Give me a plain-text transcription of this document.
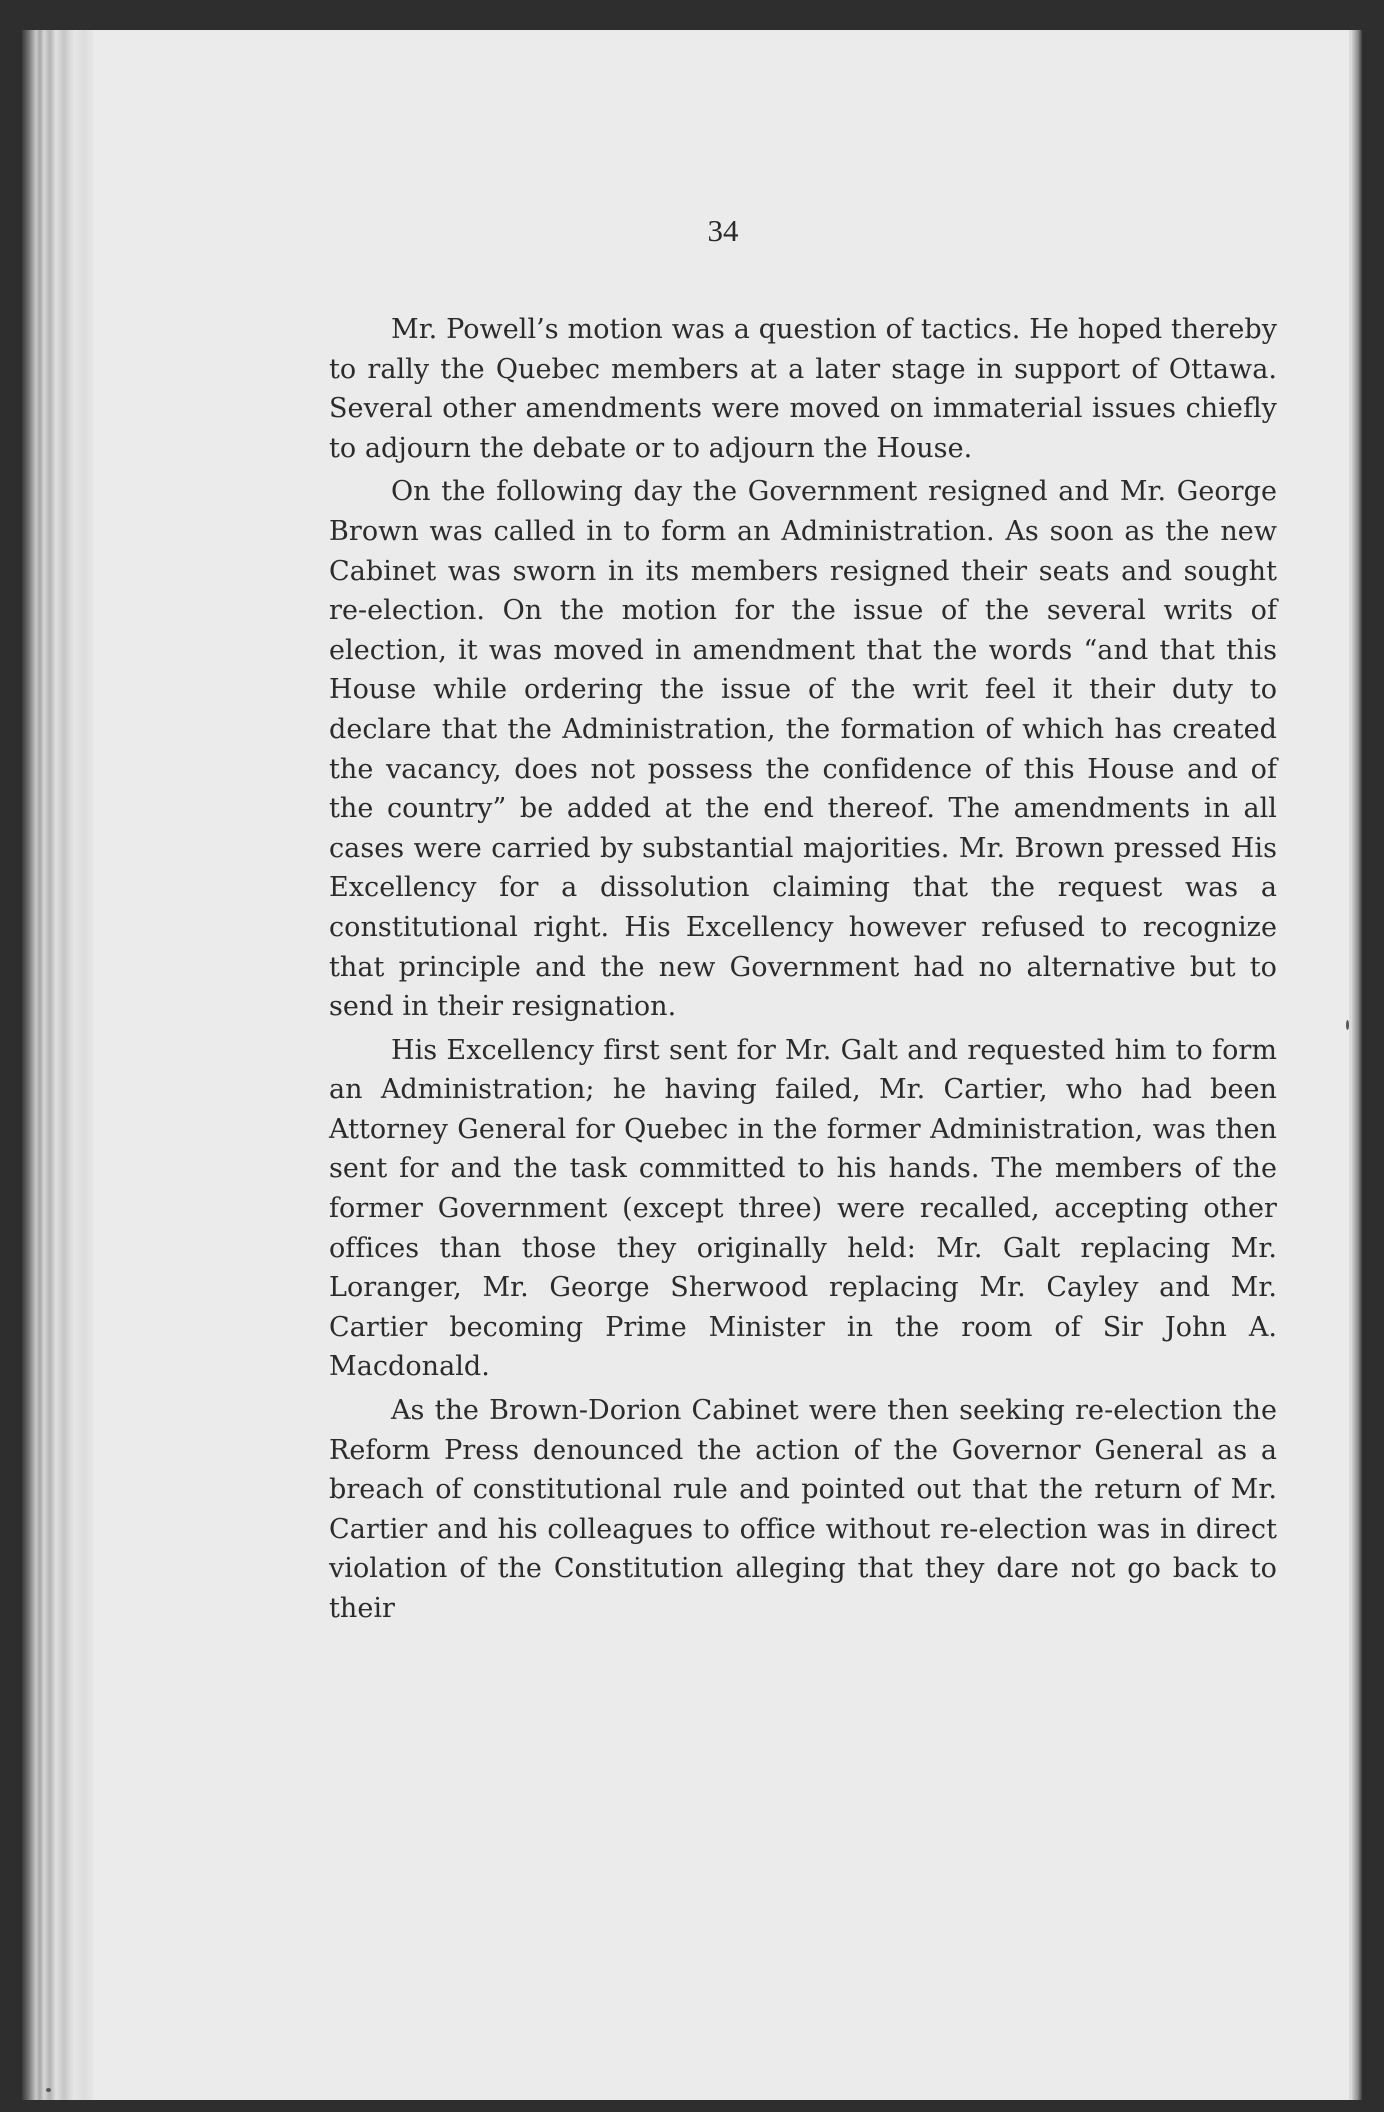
34

Mr. Powell’s motion was a question of tactics. He hoped thereby to rally the Quebec members at a later stage in support of Ottawa. Several other amendments were moved on immaterial issues chiefly to adjourn the debate or to adjourn the House.

On the following day the Government resigned and Mr. George Brown was called in to form an Administration. As soon as the new Cabinet was sworn in its members resigned their seats and sought re-election. On the motion for the issue of the several writs of election, it was moved in amendment that the words “and that this House while ordering the issue of the writ feel it their duty to declare that the Administration, the formation of which has created the vacancy, does not possess the confidence of this House and of the country” be added at the end thereof. The amendments in all cases were carried by substantial majorities. Mr. Brown pressed His Excellency for a dissolution claiming that the request was a constitutional right. His Excellency however refused to recognize that principle and the new Government had no alternative but to send in their resignation.

His Excellency first sent for Mr. Galt and requested him to form an Administration; he having failed, Mr. Cartier, who had been Attorney General for Quebec in the former Administration, was then sent for and the task committed to his hands. The members of the former Government (except three) were recalled, accepting other offices than those they originally held: Mr. Galt replacing Mr. Loranger, Mr. George Sherwood replacing Mr. Cayley and Mr. Cartier becoming Prime Minister in the room of Sir John A. Macdonald.

As the Brown-Dorion Cabinet were then seeking re-election the Reform Press denounced the action of the Governor General as a breach of constitutional rule and pointed out that the return of Mr. Cartier and his colleagues to office without re-election was in direct violation of the Constitution alleging that they dare not go back to their
